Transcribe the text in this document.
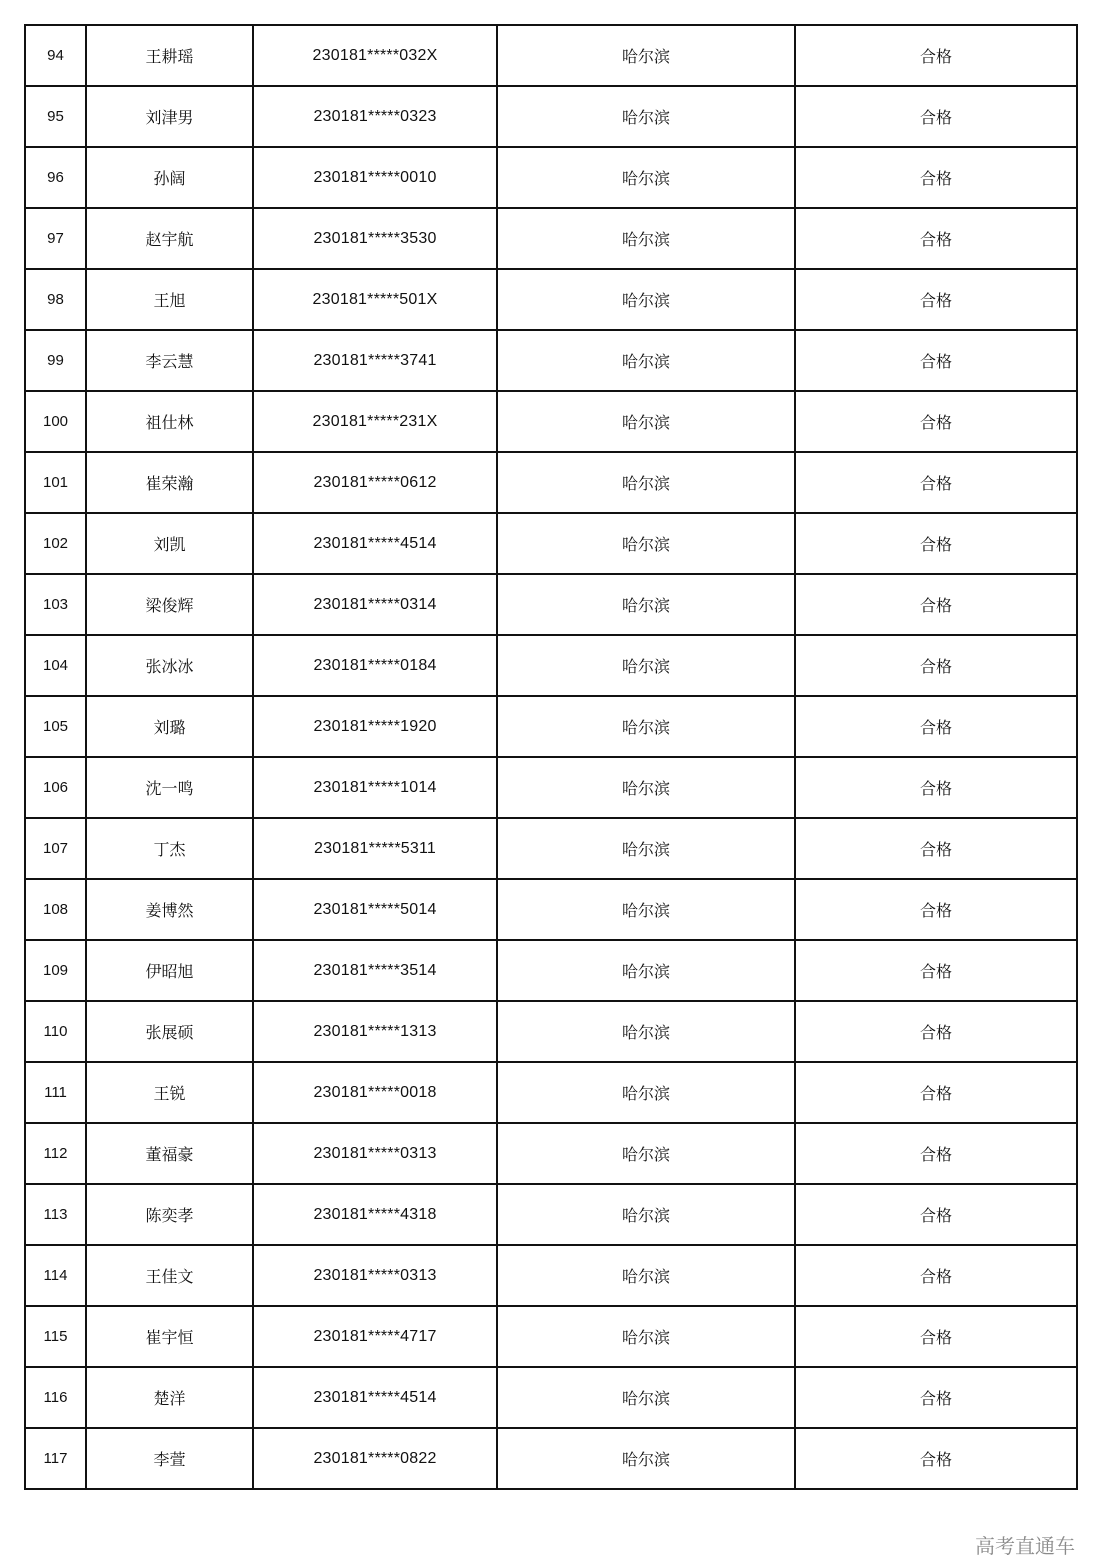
94	王耕瑶	230181*****032X	哈尔滨	合格
95	刘津男	230181*****0323	哈尔滨	合格
96	孙阔	230181*****0010	哈尔滨	合格
97	赵宇航	230181*****3530	哈尔滨	合格
98	王旭	230181*****501X	哈尔滨	合格
99	李云慧	230181*****3741	哈尔滨	合格
100	祖仕林	230181*****231X	哈尔滨	合格
101	崔荣瀚	230181*****0612	哈尔滨	合格
102	刘凯	230181*****4514	哈尔滨	合格
103	梁俊辉	230181*****0314	哈尔滨	合格
104	张冰冰	230181*****0184	哈尔滨	合格
105	刘璐	230181*****1920	哈尔滨	合格
106	沈一鸣	230181*****1014	哈尔滨	合格
107	丁杰	230181*****5311	哈尔滨	合格
108	姜博然	230181*****5014	哈尔滨	合格
109	伊昭旭	230181*****3514	哈尔滨	合格
110	张展硕	230181*****1313	哈尔滨	合格
111	王锐	230181*****0018	哈尔滨	合格
112	董福豪	230181*****0313	哈尔滨	合格
113	陈奕孝	230181*****4318	哈尔滨	合格
114	王佳文	230181*****0313	哈尔滨	合格
115	崔宇恒	230181*****4717	哈尔滨	合格
116	楚洋	230181*****4514	哈尔滨	合格
117	李萱	230181*****0822	哈尔滨	合格
高考直通车
